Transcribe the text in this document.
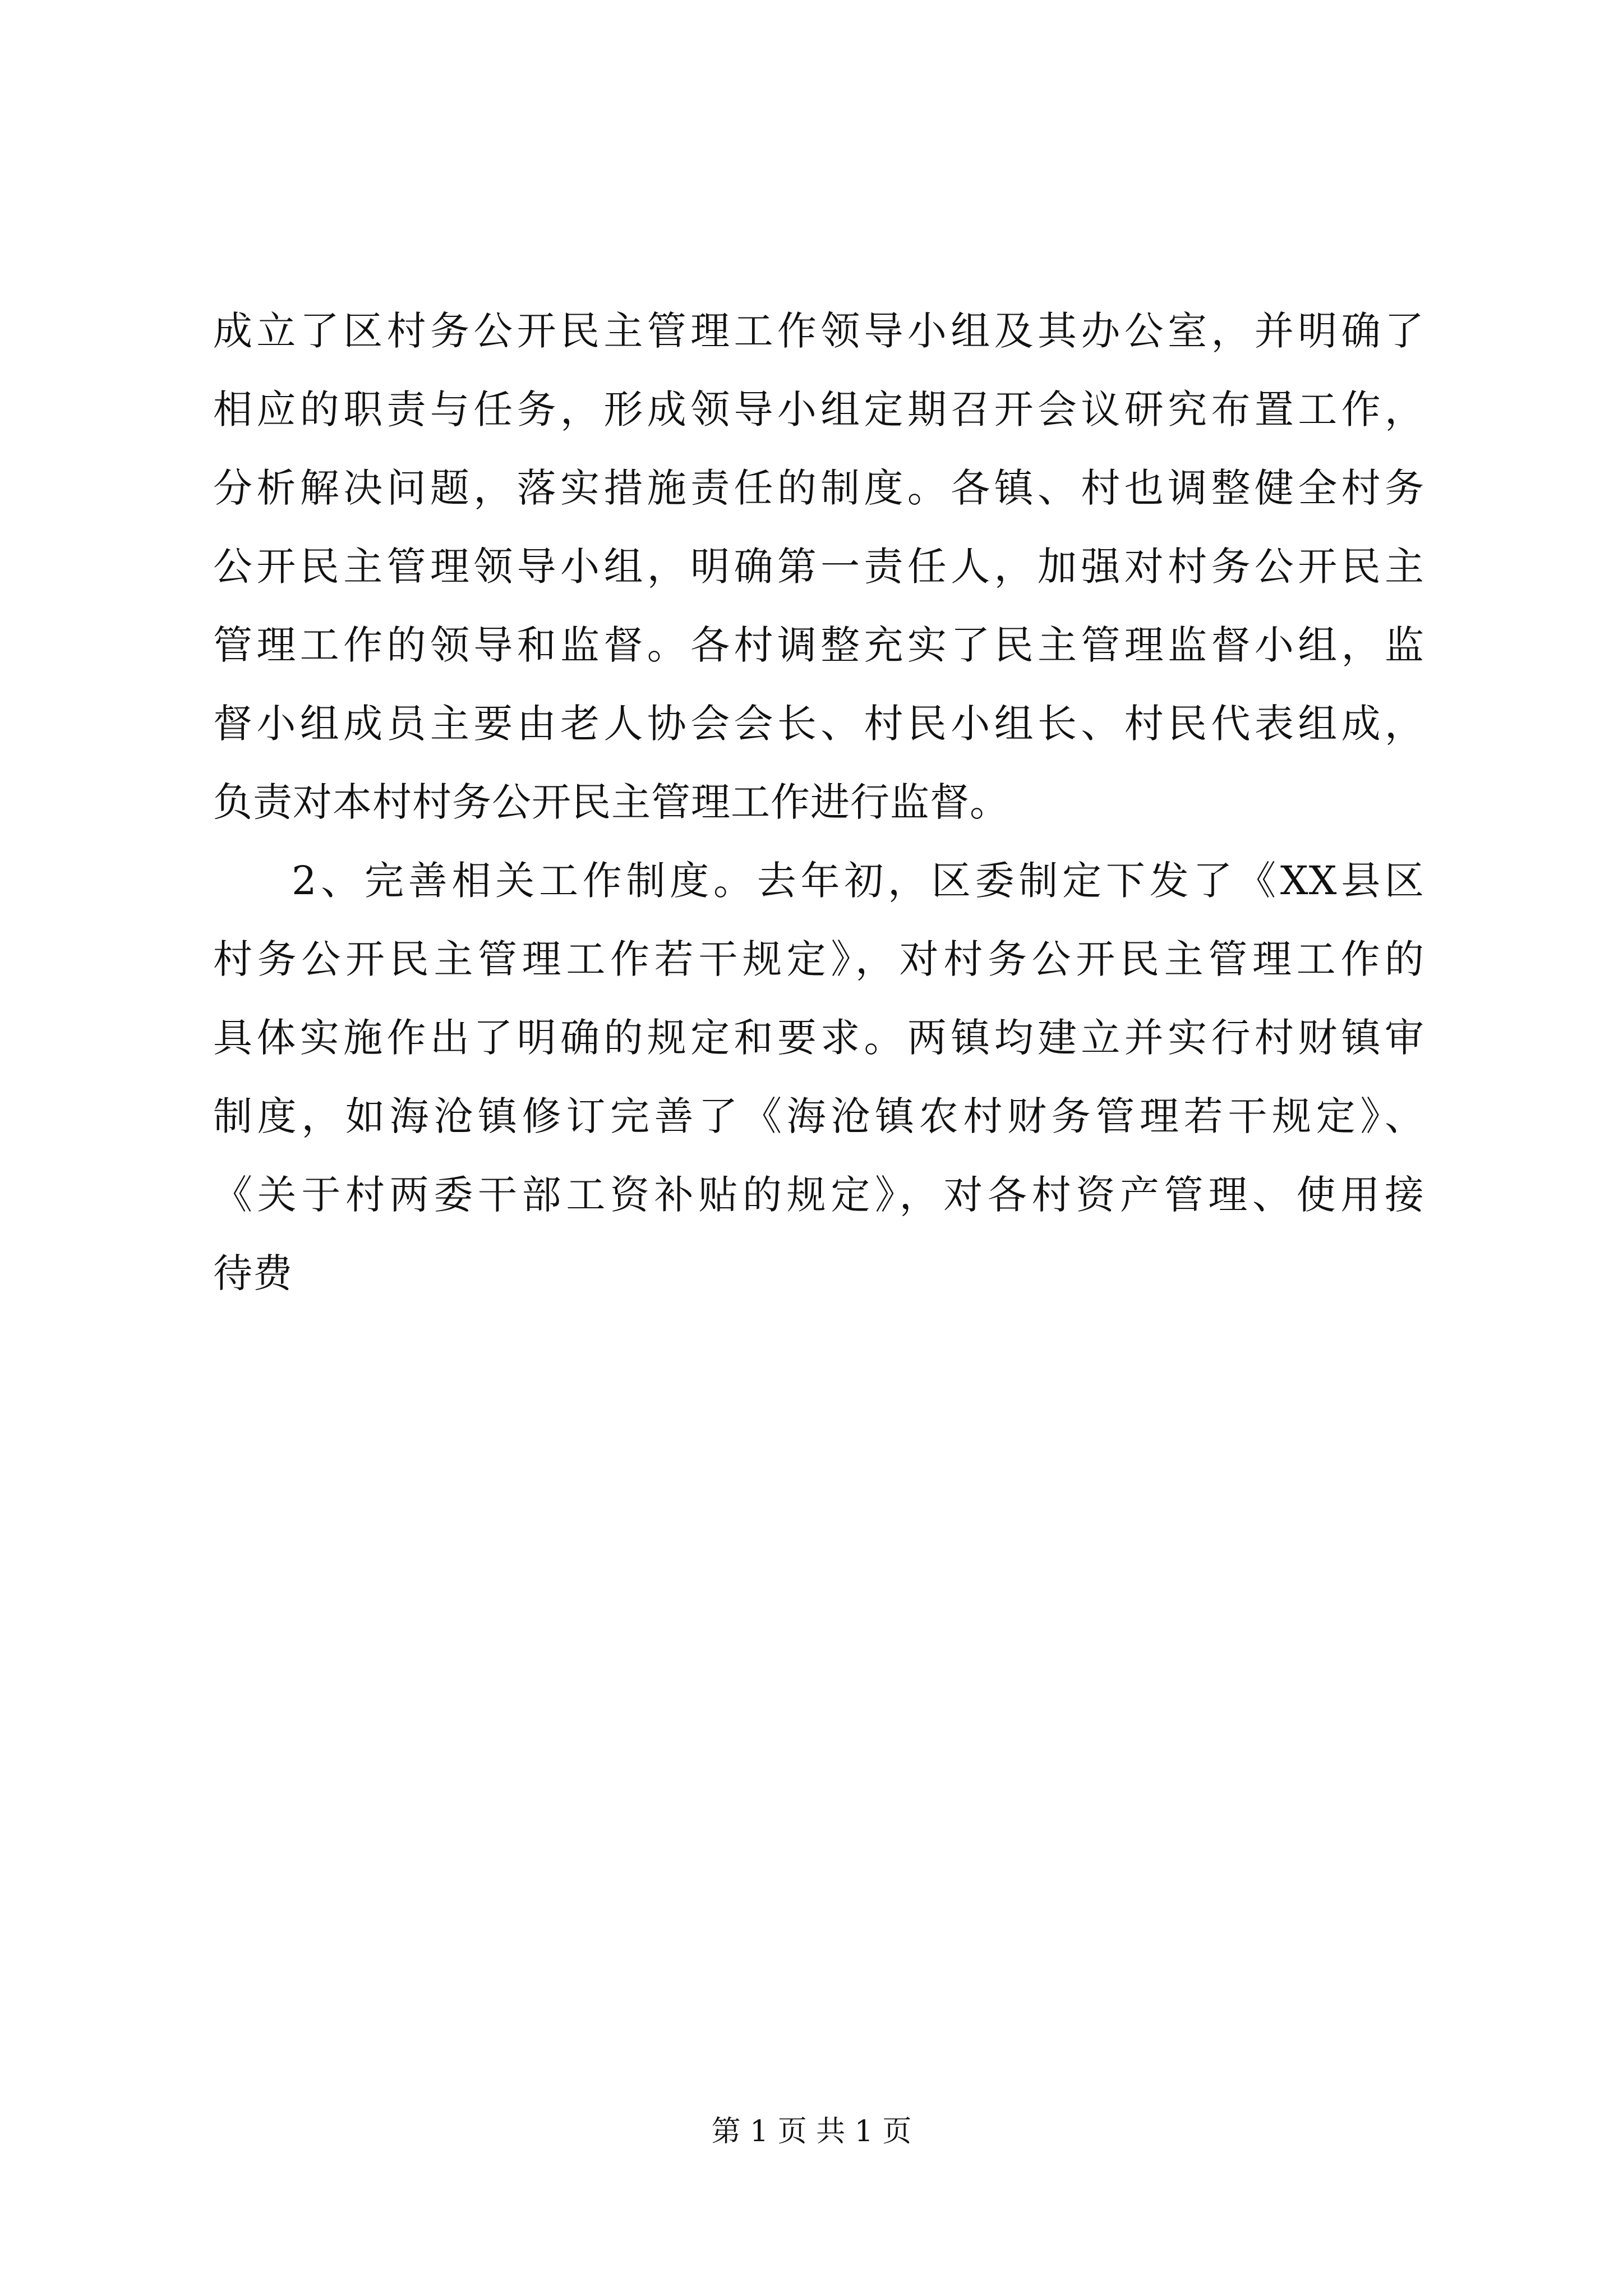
成立了区村务公开民主管理工作领导小组及其办公室，并明确了
相应的职责与任务，形成领导小组定期召开会议研究布置工作，
分析解决问题，落实措施责任的制度。各镇、村也调整健全村务
公开民主管理领导小组，明确第一责任人，加强对村务公开民主
管理工作的领导和监督。各村调整充实了民主管理监督小组，监
督小组成员主要由老人协会会长、村民小组长、村民代表组成，
负责对本村村务公开民主管理工作进行监督。
2、完善相关工作制度。去年初，区委制定下发了《XX县区
村务公开民主管理工作若干规定》，对村务公开民主管理工作的
具体实施作出了明确的规定和要求。两镇均建立并实行村财镇审
制度，如海沧镇修订完善了《海沧镇农村财务管理若干规定》、
《关于村两委干部工资补贴的规定》，对各村资产管理、使用接
待费
第 1 页 共 1 页
